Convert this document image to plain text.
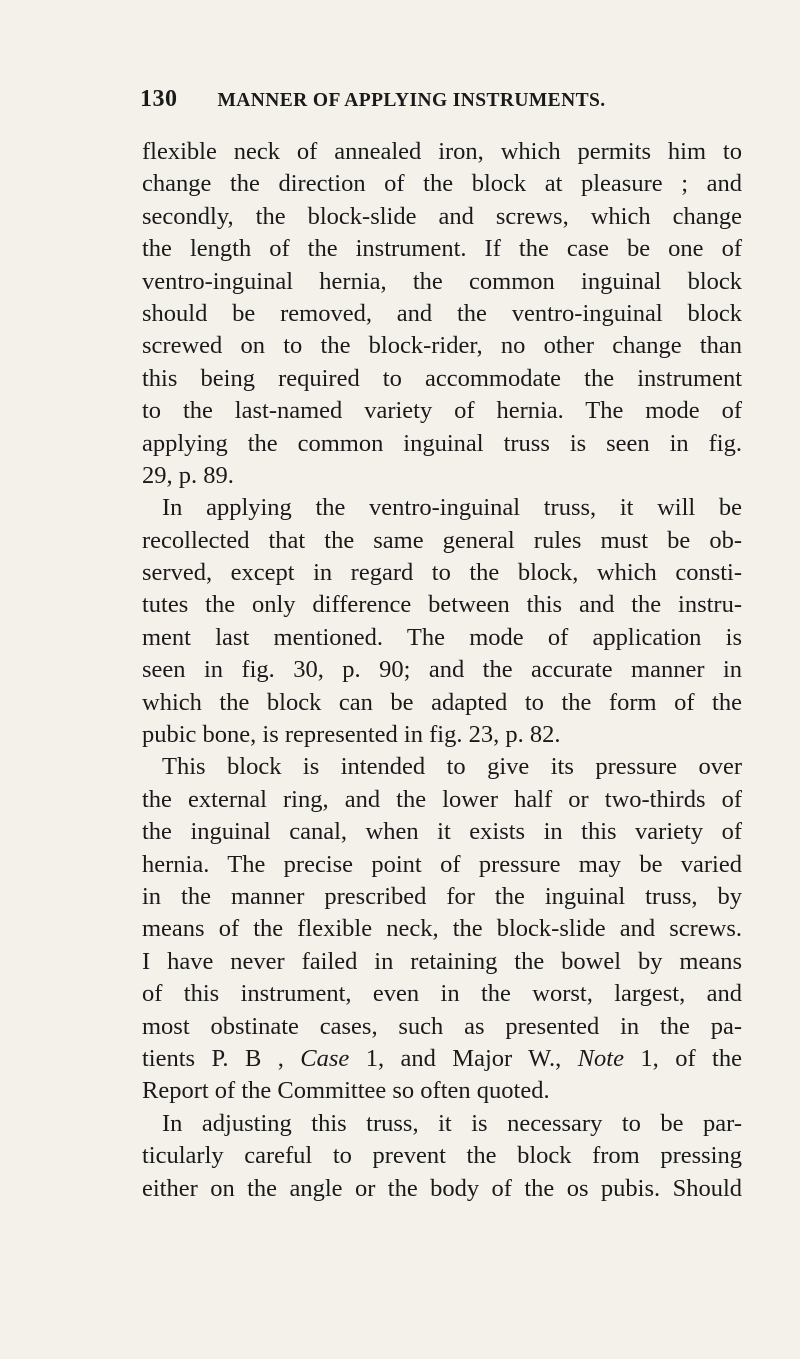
130 MANNER OF APPLYING INSTRUMENTS.
flexible neck of annealed iron, which permits him to
change the direction of the block at pleasure ; and
secondly, the block-slide and screws, which change
the length of the instrument. If the case be one of
ventro-inguinal hernia, the common inguinal block
should be removed, and the ventro-inguinal block
screwed on to the block-rider, no other change than
this being required to accommodate the instrument
to the last-named variety of hernia. The mode of
applying the common inguinal truss is seen in fig.
29, p. 89.
In applying the ventro-inguinal truss, it will be
recollected that the same general rules must be ob-
served, except in regard to the block, which consti-
tutes the only difference between this and the instru-
ment last mentioned. The mode of application is
seen in fig. 30, p. 90; and the accurate manner in
which the block can be adapted to the form of the
pubic bone, is represented in fig. 23, p. 82.
This block is intended to give its pressure over
the external ring, and the lower half or two-thirds of
the inguinal canal, when it exists in this variety of
hernia. The precise point of pressure may be varied
in the manner prescribed for the inguinal truss, by
means of the flexible neck, the block-slide and screws.
I have never failed in retaining the bowel by means
of this instrument, even in the worst, largest, and
most obstinate cases, such as presented in the pa-
tients P. B , Case 1, and Major W., Note 1, of the
Report of the Committee so often quoted.
In adjusting this truss, it is necessary to be par-
ticularly careful to prevent the block from pressing
either on the angle or the body of the os pubis. Should
